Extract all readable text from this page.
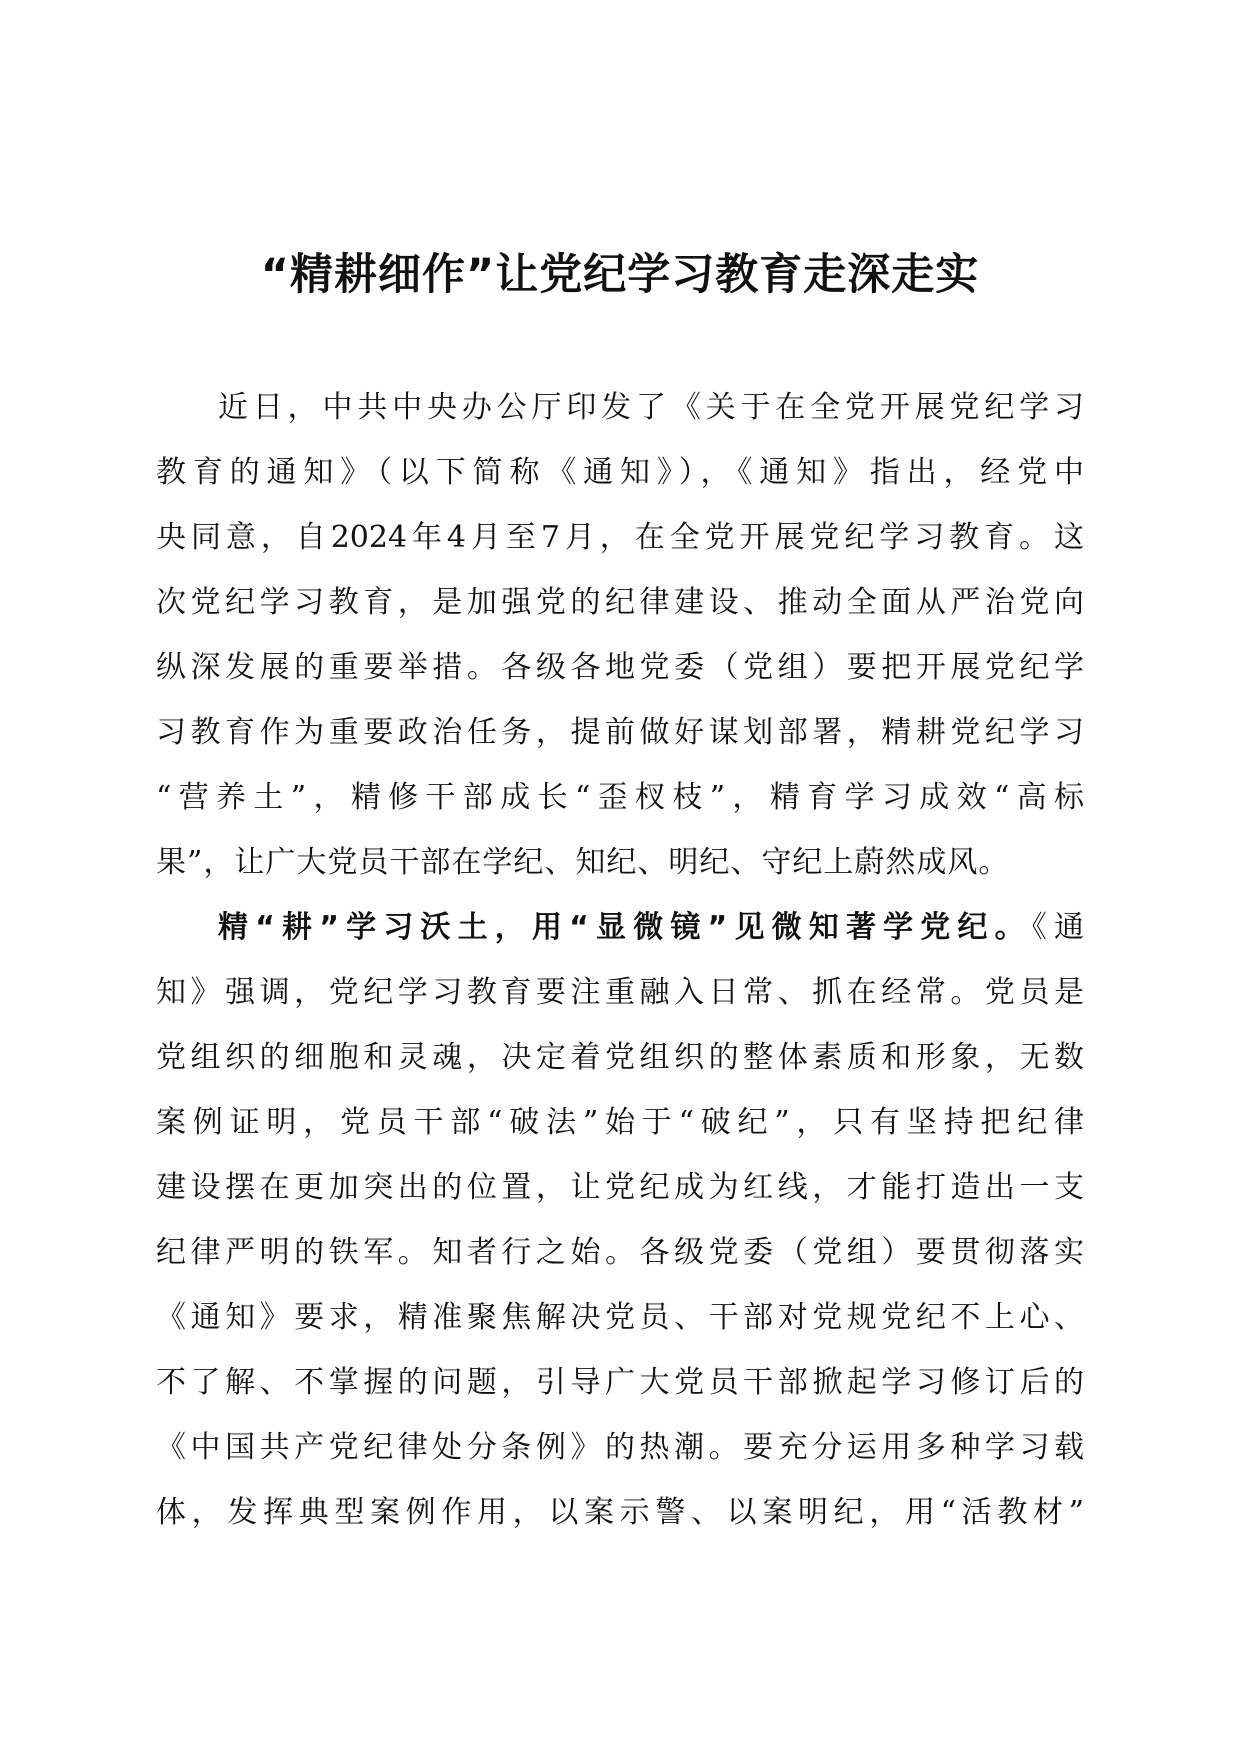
“精耕细作”让党纪学习教育走深走实
近日，中共中央办公厅印发了《关于在全党开展党纪学习
教育的通知》（以下简称《通知》），《通知》指出，经党中
央同意，自2024年4月至7月，在全党开展党纪学习教育。这
次党纪学习教育，是加强党的纪律建设、推动全面从严治党向
纵深发展的重要举措。各级各地党委（党组）要把开展党纪学
习教育作为重要政治任务，提前做好谋划部署，精耕党纪学习
“营养土”，精修干部成长“歪杈枝”，精育学习成效“高标
果”，让广大党员干部在学纪、知纪、明纪、守纪上蔚然成风。
精“耕”学习沃土，用“显微镜”见微知著学党纪。《通
知》强调，党纪学习教育要注重融入日常、抓在经常。党员是
党组织的细胞和灵魂，决定着党组织的整体素质和形象，无数
案例证明，党员干部“破法”始于“破纪”，只有坚持把纪律
建设摆在更加突出的位置，让党纪成为红线，才能打造出一支
纪律严明的铁军。知者行之始。各级党委（党组）要贯彻落实
《通知》要求，精准聚焦解决党员、干部对党规党纪不上心、
不了解、不掌握的问题，引导广大党员干部掀起学习修订后的
《中国共产党纪律处分条例》的热潮。要充分运用多种学习载
体，发挥典型案例作用，以案示警、以案明纪，用“活教材”
